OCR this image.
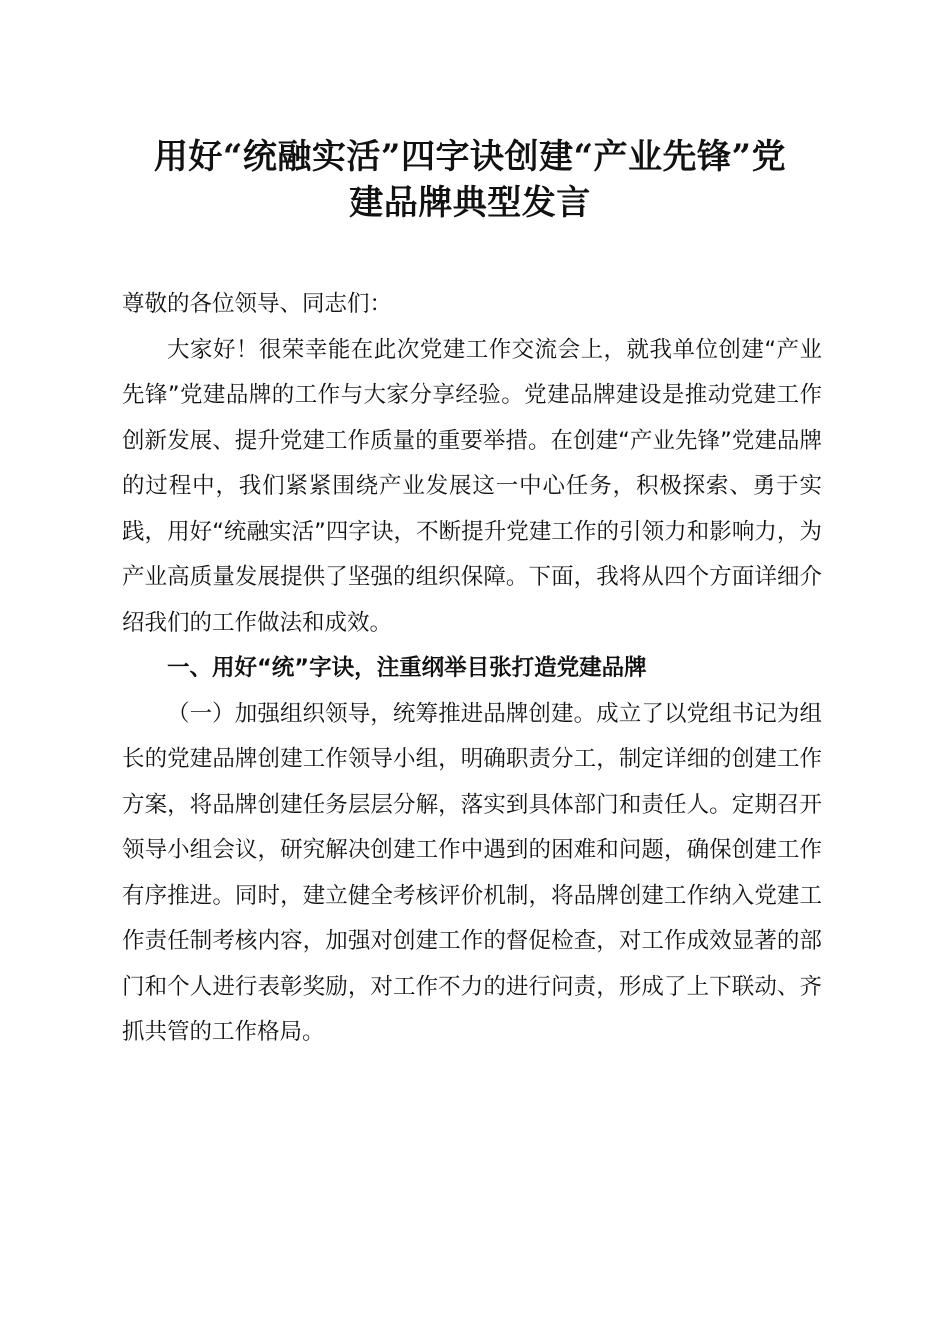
用好“统融实活”四字诀创建“产业先锋”党
建品牌典型发言

尊敬的各位领导、同志们：

大家好！很荣幸能在此次党建工作交流会上，就我单位创建“产业先锋”党建品牌的工作与大家分享经验。党建品牌建设是推动党建工作创新发展、提升党建工作质量的重要举措。在创建“产业先锋”党建品牌的过程中，我们紧紧围绕产业发展这一中心任务，积极探索、勇于实践，用好“统融实活”四字诀，不断提升党建工作的引领力和影响力，为产业高质量发展提供了坚强的组织保障。下面，我将从四个方面详细介绍我们的工作做法和成效。

一、用好“统”字诀，注重纲举目张打造党建品牌

（一）加强组织领导，统筹推进品牌创建。成立了以党组书记为组长的党建品牌创建工作领导小组，明确职责分工，制定详细的创建工作方案，将品牌创建任务层层分解，落实到具体部门和责任人。定期召开领导小组会议，研究解决创建工作中遇到的困难和问题，确保创建工作有序推进。同时，建立健全考核评价机制，将品牌创建工作纳入党建工作责任制考核内容，加强对创建工作的督促检查，对工作成效显著的部门和个人进行表彰奖励，对工作不力的进行问责，形成了上下联动、齐抓共管的工作格局。
